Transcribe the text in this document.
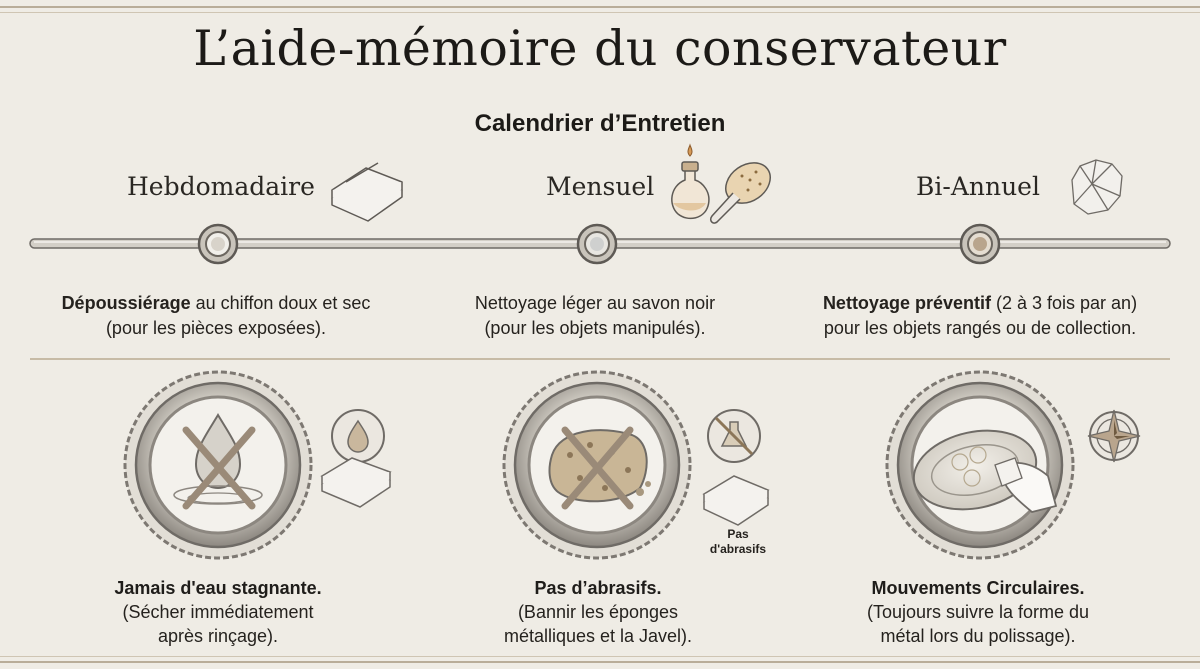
L’aide-mémoire du conservateur
Calendrier d’Entretien
Hebdomadaire	Mensuel	Bi-Annuel
Dépoussiérage au chiffon doux et sec
(pour les pièces exposées).
Nettoyage léger au savon noir
(pour les objets manipulés).
Nettoyage préventif (2 à 3 fois par an)
pour les objets rangés ou de collection.
Pas
d'abrasifs
Jamais d'eau stagnante.
(Sécher immédiatement
après rinçage).
Pas d’abrasifs.
(Bannir les éponges
métalliques et la Javel).
Mouvements Circulaires.
(Toujours suivre la forme du
métal lors du polissage).
